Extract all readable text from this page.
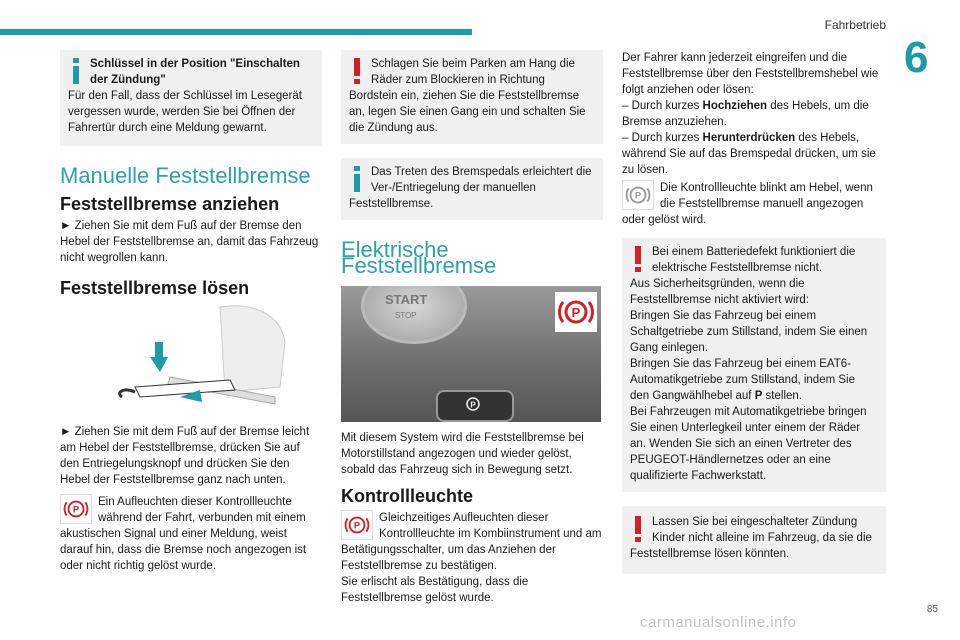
Fahrbetrieb
6

Schlüssel in der Position "Einschalten der Zündung"

Für den Fall, dass der Schlüssel im Lesegerät vergessen wurde, werden Sie bei Öffnen der Fahrertür durch eine Meldung gewarnt.

Manuelle Feststellbremse
Feststellbremse anziehen

► Ziehen Sie mit dem Fuß auf der Bremse den Hebel der Feststellbremse an, damit das Fahrzeug nicht wegrollen kann.

Feststellbremse lösen

► Ziehen Sie mit dem Fuß auf der Bremse leicht am Hebel der Feststellbremse, drücken Sie auf den Entriegelungsknopf und drücken Sie den Hebel der Feststellbremse ganz nach unten.

P

Ein Aufleuchten dieser Kontrollleuchte während der Fahrt, verbunden mit einem akustischen Signal und einer Meldung, weist darauf hin, dass die Bremse noch angezogen ist oder nicht richtig gelöst wurde.

Schlagen Sie beim Parken am Hang die Räder zum Blockieren in Richtung Bordstein ein, ziehen Sie die Feststellbremse an, legen Sie einen Gang ein und schalten Sie die Zündung aus.

Das Treten des Bremspedals erleichtert die Ver-/Entriegelung der manuellen Feststellbremse.

Elektrische Feststellbremse
START
STOP
P
P

Mit diesem System wird die Feststellbremse bei Motorstillstand angezogen und wieder gelöst, sobald das Fahrzeug sich in Bewegung setzt.

Kontrollleuchte
P

Gleichzeitiges Aufleuchten dieser Kontrollleuchte im Kombiinstrument und am Betätigungsschalter, um das Anziehen der Feststellbremse zu bestätigen.

Sie erlischt als Bestätigung, dass die Feststellbremse gelöst wurde.

Der Fahrer kann jederzeit eingreifen und die Feststellbremse über den Feststellbremshebel wie folgt anziehen oder lösen:

– Durch kurzes Hochziehen des Hebels, um die Bremse anzuziehen.

– Durch kurzes Herunterdrücken des Hebels, während Sie auf das Bremspedal drücken, um sie zu lösen.

P

Die Kontrollleuchte blinkt am Hebel, wenn die Feststellbremse manuell angezogen oder gelöst wird.

Bei einem Batteriedefekt funktioniert die elektrische Feststellbremse nicht.

Aus Sicherheitsgründen, wenn die Feststellbremse nicht aktiviert wird:

Bringen Sie das Fahrzeug bei einem Schaltgetriebe zum Stillstand, indem Sie einen Gang einlegen.

Bringen Sie das Fahrzeug bei einem EAT6-Automatikgetriebe zum Stillstand, indem Sie den Gangwählhebel auf P stellen.

Bei Fahrzeugen mit Automatikgetriebe bringen Sie einen Unterlegkeil unter einem der Räder an. Wenden Sie sich an einen Vertreter des PEUGEOT-Händlernetzes oder an eine qualifizierte Fachwerkstatt.

Lassen Sie bei eingeschalteter Zündung Kinder nicht alleine im Fahrzeug, da sie die Feststellbremse lösen könnten.

85
carmanualsonline.info
